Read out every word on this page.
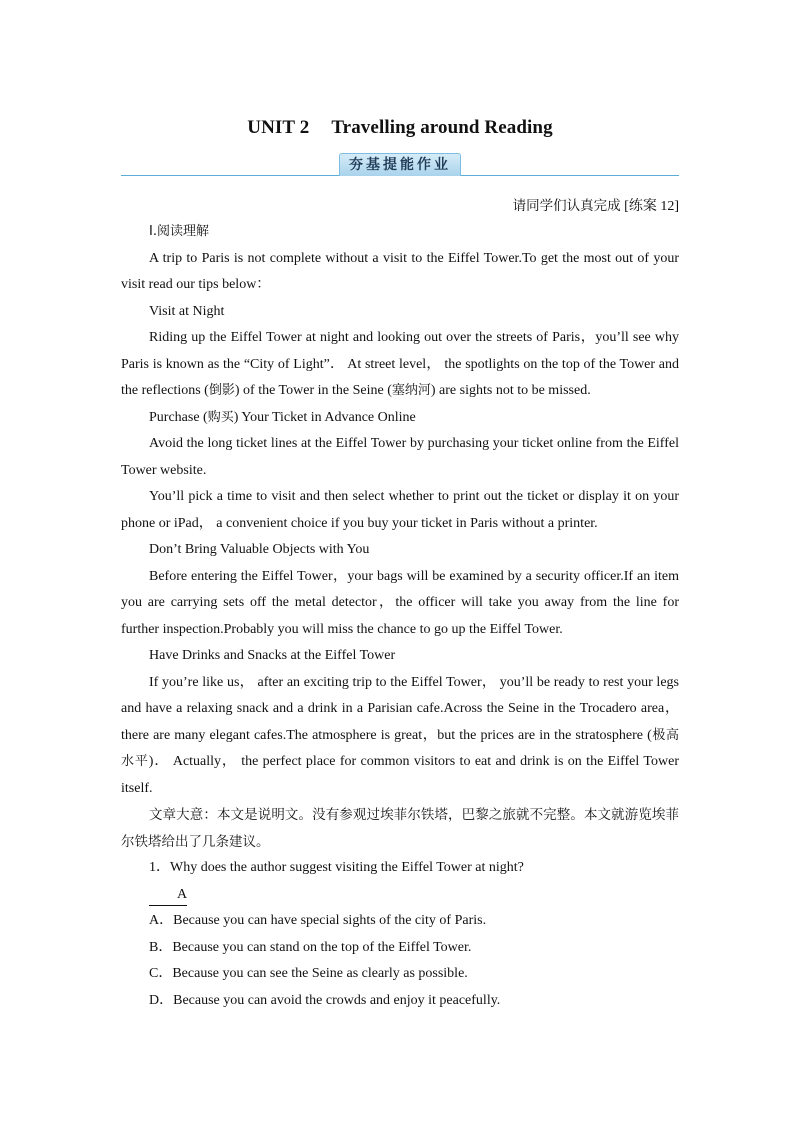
UNIT 2 Travelling around Reading
夯基提能作业
请同学们认真完成 [练案 12]

I.阅读理解

A trip to Paris is not complete without a visit to the Eiffel Tower.To get the most out of your visit read our tips below：

Visit at Night

Riding up the Eiffel Tower at night and looking out over the streets of Paris，you’ll see why Paris is known as the “City of Light”． At street level， the spotlights on the top of the Tower and the reflections (倒影) of the Tower in the Seine (塞纳河) are sights not to be missed.

Purchase (购买) Your Ticket in Advance Online

Avoid the long ticket lines at the Eiffel Tower by purchasing your ticket online from the Eiffel Tower website.

You’ll pick a time to visit and then select whether to print out the ticket or display it on your phone or iPad， a convenient choice if you buy your ticket in Paris without a printer.

Don’t Bring Valuable Objects with You

Before entering the Eiffel Tower，your bags will be examined by a security officer.If an item you are carrying sets off the metal detector，the officer will take you away from the line for further inspection.Probably you will miss the chance to go up the Eiffel Tower.

Have Drinks and Snacks at the Eiffel Tower

If you’re like us， after an exciting trip to the Eiffel Tower， you’ll be ready to rest your legs and have a relaxing snack and a drink in a Parisian cafe.Across the Seine in the Trocadero area，there are many elegant cafes.The atmosphere is great，but the prices are in the stratosphere (极高水平)． Actually， the perfect place for common visitors to eat and drink is on the Eiffel Tower itself.

文章大意：本文是说明文。没有参观过埃菲尔铁塔，巴黎之旅就不完整。本文就游览埃菲尔铁塔给出了几条建议。

1．Why does the author suggest visiting the Eiffel Tower at night?

A

A．Because you can have special sights of the city of Paris.

B．Because you can stand on the top of the Eiffel Tower.

C．Because you can see the Seine as clearly as possible.

D．Because you can avoid the crowds and enjoy it peacefully.
